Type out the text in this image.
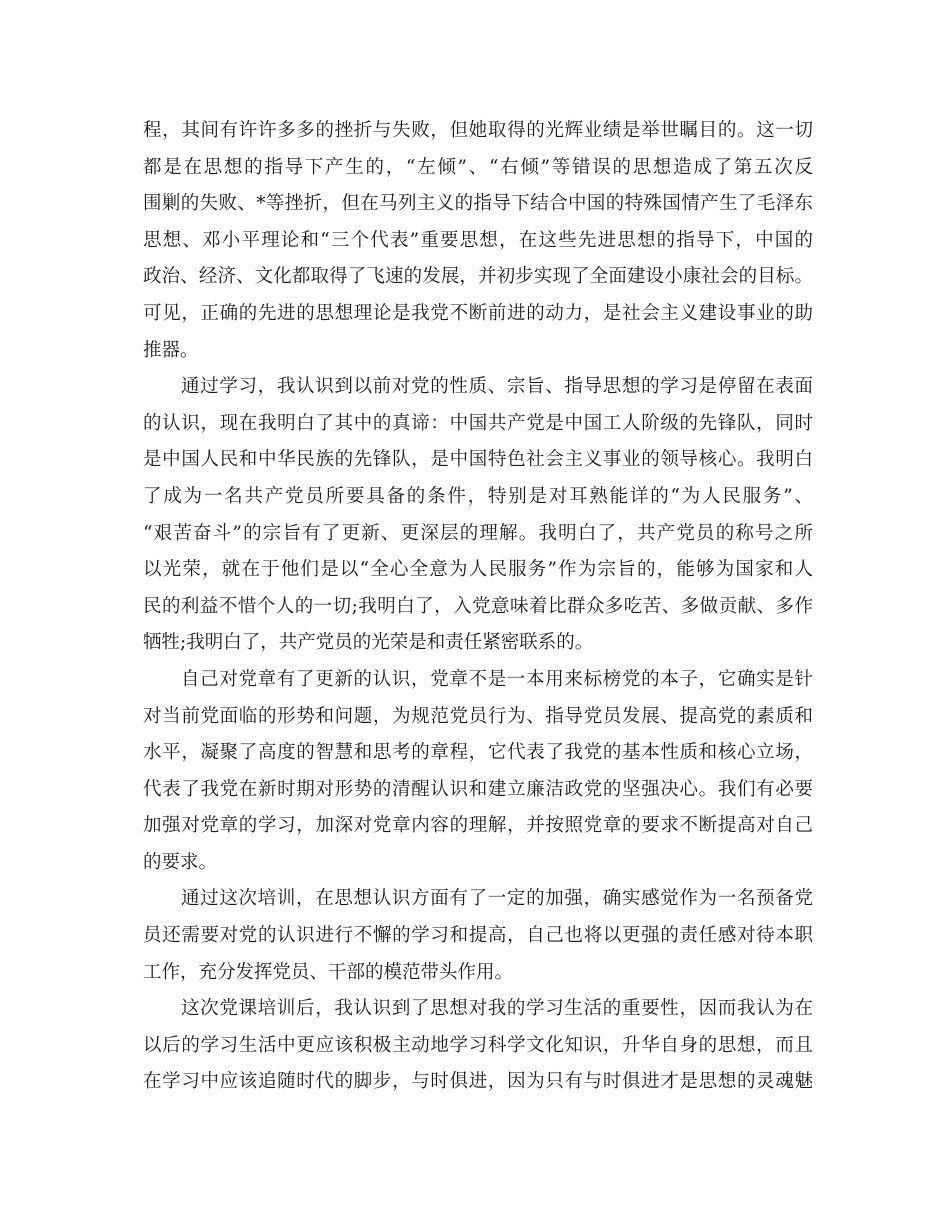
程，其间有许许多多的挫折与失败，但她取得的光辉业绩是举世瞩目的。这一切
都是在思想的指导下产生的，“左倾”、“右倾”等错误的思想造成了第五次反
围剿的失败、*等挫折，但在马列主义的指导下结合中国的特殊国情产生了毛泽东
思想、邓小平理论和“三个代表”重要思想，在这些先进思想的指导下，中国的
政治、经济、文化都取得了飞速的发展，并初步实现了全面建设小康社会的目标。
可见，正确的先进的思想理论是我党不断前进的动力，是社会主义建设事业的助
推器。
通过学习，我认识到以前对党的性质、宗旨、指导思想的学习是停留在表面
的认识，现在我明白了其中的真谛：中国共产党是中国工人阶级的先锋队，同时
是中国人民和中华民族的先锋队，是中国特色社会主义事业的领导核心。我明白
了成为一名共产党员所要具备的条件，特别是对耳熟能详的“为人民服务”、
“艰苦奋斗”的宗旨有了更新、更深层的理解。我明白了，共产党员的称号之所
以光荣，就在于他们是以“全心全意为人民服务”作为宗旨的，能够为国家和人
民的利益不惜个人的一切;我明白了，入党意味着比群众多吃苦、多做贡献、多作
牺牲;我明白了，共产党员的光荣是和责任紧密联系的。
自己对党章有了更新的认识，党章不是一本用来标榜党的本子，它确实是针
对当前党面临的形势和问题，为规范党员行为、指导党员发展、提高党的素质和
水平，凝聚了高度的智慧和思考的章程，它代表了我党的基本性质和核心立场，
代表了我党在新时期对形势的清醒认识和建立廉洁政党的坚强决心。我们有必要
加强对党章的学习，加深对党章内容的理解，并按照党章的要求不断提高对自己
的要求。
通过这次培训，在思想认识方面有了一定的加强，确实感觉作为一名预备党
员还需要对党的认识进行不懈的学习和提高，自己也将以更强的责任感对待本职
工作，充分发挥党员、干部的模范带头作用。
这次党课培训后，我认识到了思想对我的学习生活的重要性，因而我认为在
以后的学习生活中更应该积极主动地学习科学文化知识，升华自身的思想，而且
在学习中应该追随时代的脚步，与时俱进，因为只有与时俱进才是思想的灵魂魅
